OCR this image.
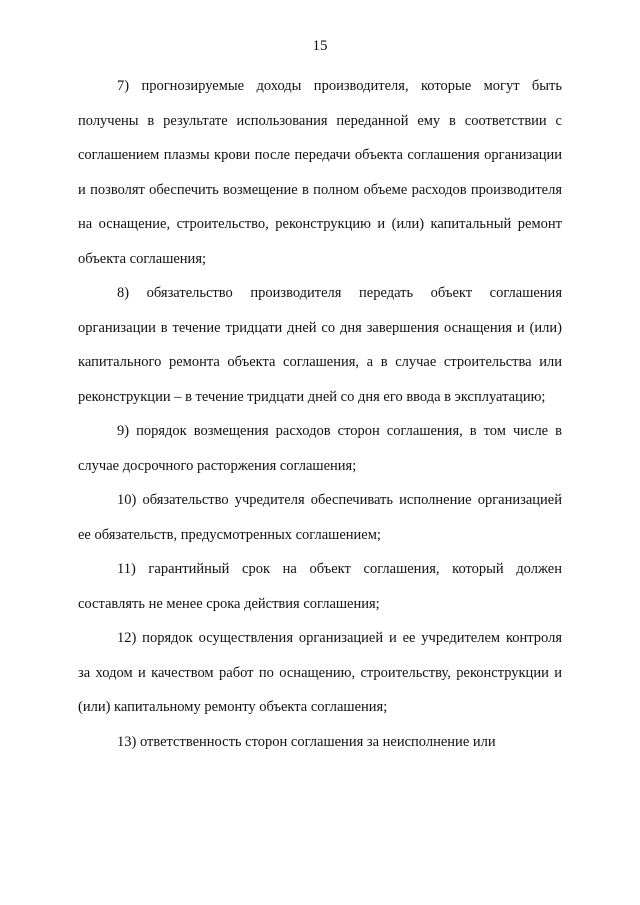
15

7) прогнозируемые доходы производителя, которые могут быть получены в результате использования переданной ему в соответствии с соглашением плазмы крови после передачи объекта соглашения организации и позволят обеспечить возмещение в полном объеме расходов производителя на оснащение, строительство, реконструкцию и (или) капитальный ремонт объекта соглашения;

8) обязательство производителя передать объект соглашения организации в течение тридцати дней со дня завершения оснащения и (или) капитального ремонта объекта соглашения, а в случае строительства или реконструкции – в течение тридцати дней со дня его ввода в эксплуатацию;

9) порядок возмещения расходов сторон соглашения, в том числе в случае досрочного расторжения соглашения;

10) обязательство учредителя обеспечивать исполнение организацией ее обязательств, предусмотренных соглашением;

11) гарантийный срок на объект соглашения, который должен составлять не менее срока действия соглашения;

12) порядок осуществления организацией и ее учредителем контроля за ходом и качеством работ по оснащению, строительству, реконструкции и (или) капитальному ремонту объекта соглашения;

13) ответственность сторон соглашения за неисполнение или
